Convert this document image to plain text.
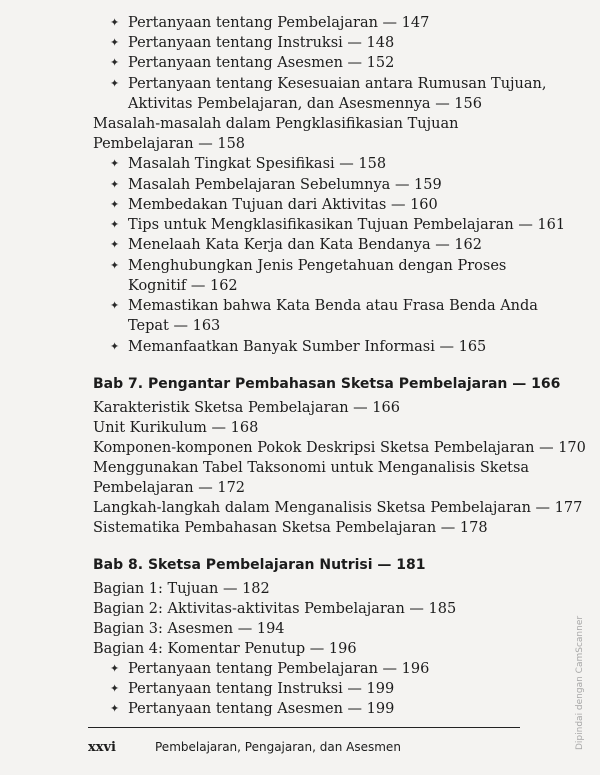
✦ Pertanyaan tentang Pembelajaran — 147
✦ Pertanyaan tentang Instruksi — 148
✦ Pertanyaan tentang Asesmen — 152
✦ Pertanyaan tentang Kesesuaian antara Rumusan Tujuan,
Aktivitas Pembelajaran, dan Asesmennya — 156
Masalah-masalah dalam Pengklasifikasian Tujuan
Pembelajaran — 158
✦ Masalah Tingkat Spesifikasi — 158
✦ Masalah Pembelajaran Sebelumnya — 159
✦ Membedakan Tujuan dari Aktivitas — 160
✦ Tips untuk Mengklasifikasikan Tujuan Pembelajaran — 161
✦ Menelaah Kata Kerja dan Kata Bendanya — 162
✦ Menghubungkan Jenis Pengetahuan dengan Proses
Kognitif — 162
✦ Memastikan bahwa Kata Benda atau Frasa Benda Anda
Tepat — 163
✦ Memanfaatkan Banyak Sumber Informasi — 165
Bab 7. Pengantar Pembahasan Sketsa Pembelajaran — 166
Karakteristik Sketsa Pembelajaran — 166
Unit Kurikulum — 168
Komponen-komponen Pokok Deskripsi Sketsa Pembelajaran — 170
Menggunakan Tabel Taksonomi untuk Menganalisis Sketsa
Pembelajaran — 172
Langkah-langkah dalam Menganalisis Sketsa Pembelajaran — 177
Sistematika Pembahasan Sketsa Pembelajaran — 178
Bab 8. Sketsa Pembelajaran Nutrisi — 181
Bagian 1: Tujuan — 182
Bagian 2: Aktivitas-aktivitas Pembelajaran — 185
Bagian 3: Asesmen — 194
Bagian 4: Komentar Penutup — 196
✦ Pertanyaan tentang Pembelajaran — 196
✦ Pertanyaan tentang Instruksi — 199
✦ Pertanyaan tentang Asesmen — 199
xxvi	Pembelajaran, Pengajaran, dan Asesmen	Dipindai dengan CamScanner
